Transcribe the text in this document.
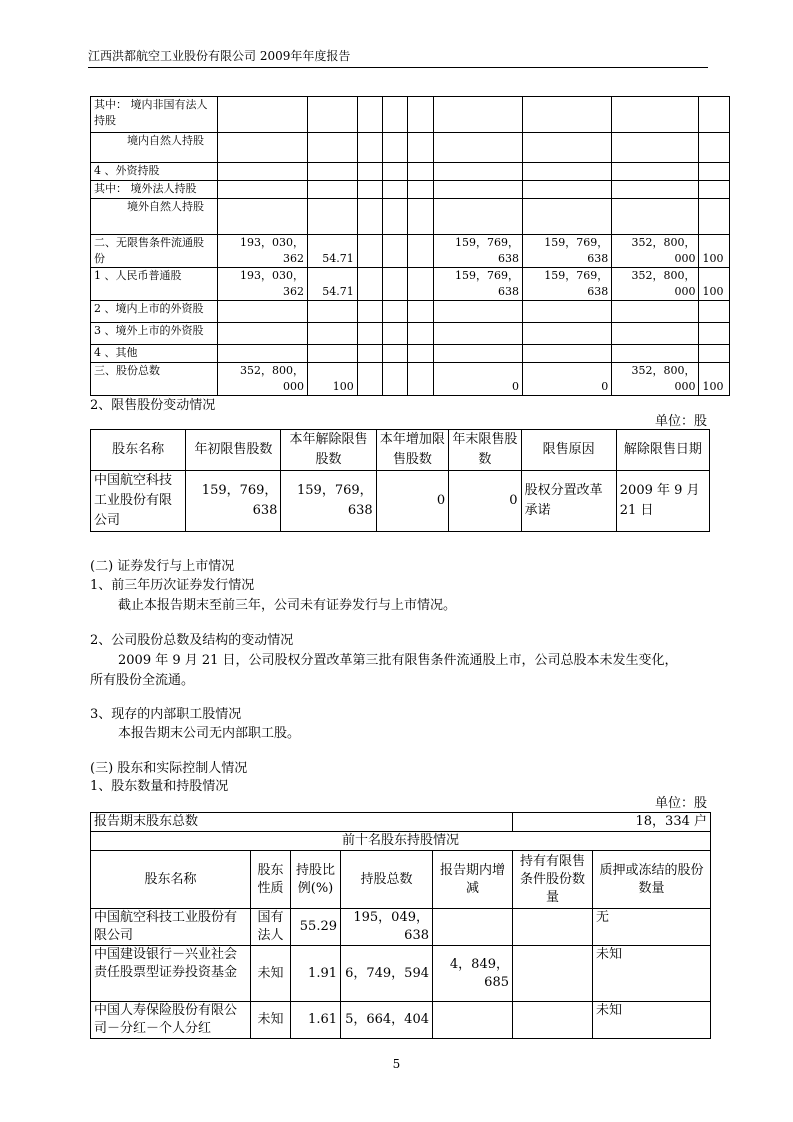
江西洪都航空工业股份有限公司 2009年年度报告
其中： 境内非国有法人持股									
　　　境内自然人持股									
4 、外资持股									
其中： 境外法人持股									
　　　境外自然人持股									
二、无限售条件流通股份	193，030，362	54.71				159，769，638	159，769，638	352，800，000	100
1 、人民币普通股	193，030，362	54.71				159，769，638	159，769，638	352，800，000	100
2 、境内上市的外资股									
3 、境外上市的外资股									
4 、其他									
三、股份总数	352，800，000	100				0	0	352，800，000	100
2、限售股份变动情况
单位：股
股东名称	年初限售股数	本年解除限售股数	本年增加限售股数	年末限售股数	限售原因	解除限售日期
中国航空科技工业股份有限公司	159，769，638	159，769，638	0	0	股权分置改革承诺	2009 年 9 月 21 日
(二) 证券发行与上市情况
1、前三年历次证券发行情况
截止本报告期末至前三年，公司未有证券发行与上市情况。
2、公司股份总数及结构的变动情况
2009 年 9 月 21 日，公司股权分置改革第三批有限售条件流通股上市，公司总股本未发生变化，
所有股份全流通。
3、现存的内部职工股情况
本报告期末公司无内部职工股。
(三) 股东和实际控制人情况
1、股东数量和持股情况
单位：股
报告期末股东总数					18，334 户	
前十名股东持股情况						
股东名称	股东性质	持股比例(%)	持股总数	报告期内增减	持有有限售条件股份数量	质押或冻结的股份数量
中国航空科技工业股份有限公司	国有法人	55.29	195，049，638			无
中国建设银行－兴业社会责任股票型证券投资基金	未知	1.91	6，749，594	4，849，685		未知
中国人寿保险股份有限公司－分红－个人分红	未知	1.61	5，664，404			未知
5
